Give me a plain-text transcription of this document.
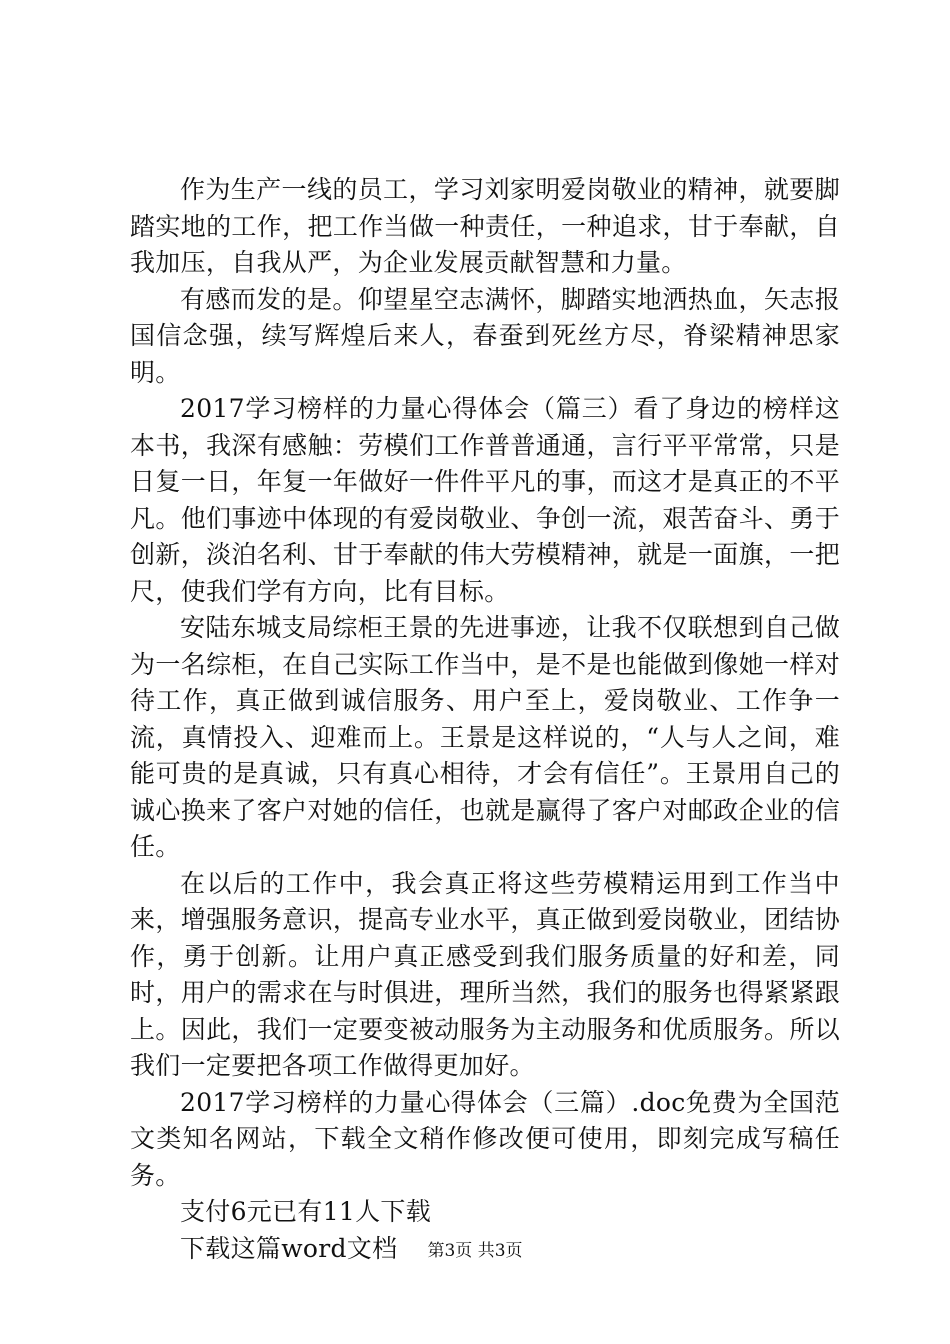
作为生产一线的员工，学习刘家明爱岗敬业的精神，就要脚踏实地的工作，把工作当做一种责任，一种追求，甘于奉献，自我加压，自我从严，为企业发展贡献智慧和力量。

有感而发的是。仰望星空志满怀，脚踏实地洒热血，矢志报国信念强，续写辉煌后来人，春蚕到死丝方尽，脊梁精神思家明。

2017学习榜样的力量心得体会（篇三）看了身边的榜样这本书，我深有感触：劳模们工作普普通通，言行平平常常，只是日复一日，年复一年做好一件件平凡的事，而这才是真正的不平凡。他们事迹中体现的有爱岗敬业、争创一流，艰苦奋斗、勇于创新，淡泊名利、甘于奉献的伟大劳模精神，就是一面旗，一把尺，使我们学有方向，比有目标。

安陆东城支局综柜王景的先进事迹，让我不仅联想到自己做为一名综柜，在自己实际工作当中，是不是也能做到像她一样对待工作，真正做到诚信服务、用户至上，爱岗敬业、工作争一流，真情投入、迎难而上。王景是这样说的，“人与人之间，难能可贵的是真诚，只有真心相待，才会有信任”。王景用自己的诚心换来了客户对她的信任，也就是赢得了客户对邮政企业的信任。

在以后的工作中，我会真正将这些劳模精运用到工作当中来，增强服务意识，提高专业水平，真正做到爱岗敬业，团结协作，勇于创新。让用户真正感受到我们服务质量的好和差，同时，用户的需求在与时俱进，理所当然，我们的服务也得紧紧跟上。因此，我们一定要变被动服务为主动服务和优质服务。所以我们一定要把各项工作做得更加好。

2017学习榜样的力量心得体会（三篇）.doc免费为全国范文类知名网站，下载全文稍作修改便可使用，即刻完成写稿任务。

支付6元已有11人下载

下载这篇word文档	第3页 共3页
